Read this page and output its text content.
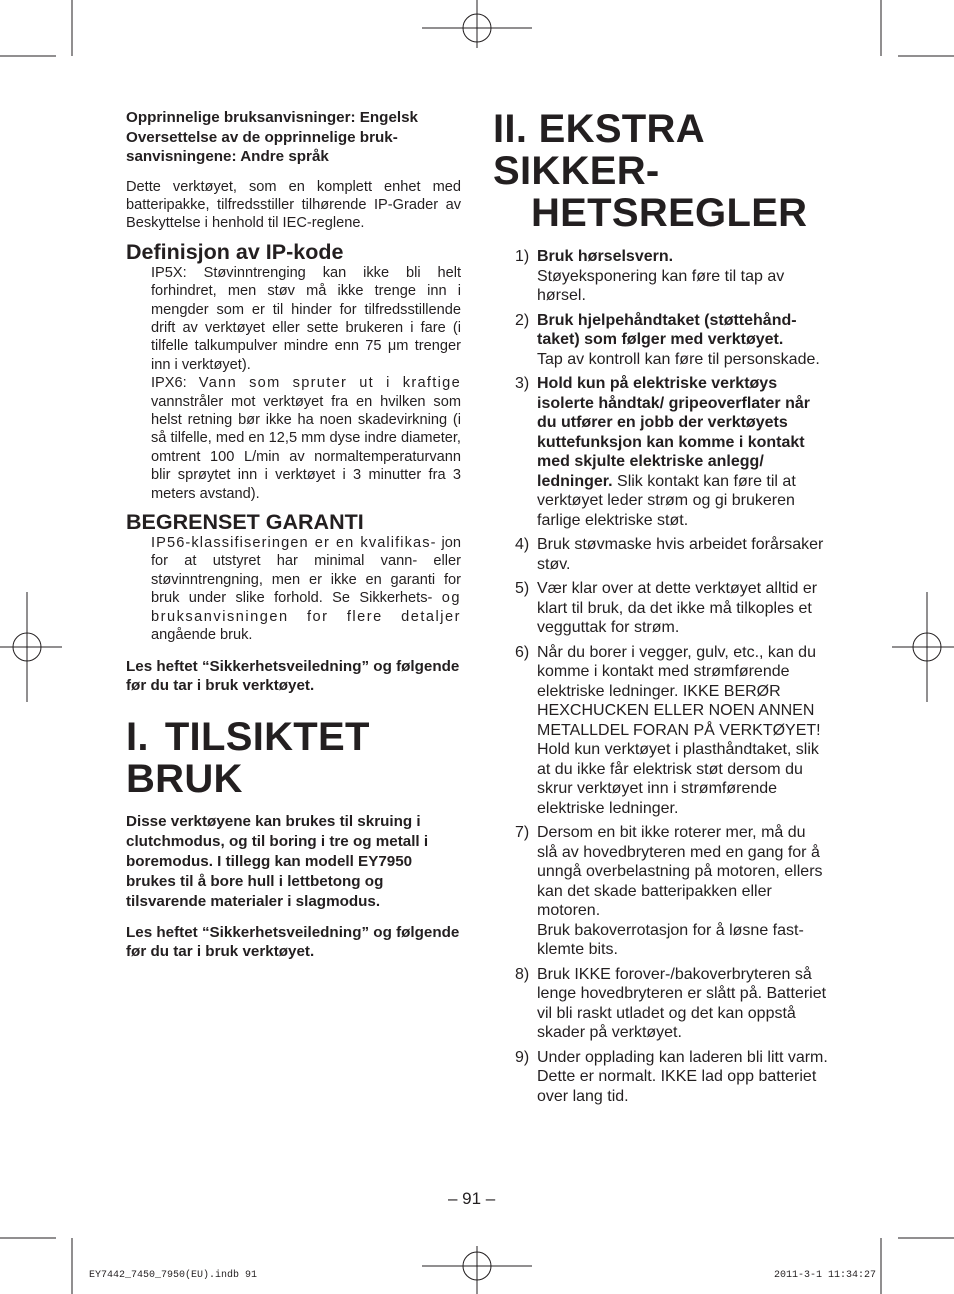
Opprinnelige bruksanvisninger: Engelsk Oversettelse av de opprinnelige bruksanvisningene: Andre språk

Dette verktøyet, som en komplett enhet med batteripakke, tilfredsstiller tilhørende IP-Grader av Beskyttelse i henhold til IEC-reglene.

Definisjon av IP-kode

IP5X: Støvinntrenging kan ikke bli helt forhindret, men støv må ikke trenge inn i mengder som er til hinder for tilfredsstillende drift av verktøyet eller sette brukeren i fare (i tilfelle talkumpulver mindre enn 75 μm trenger inn i verktøyet).

IPX6: Vann som spruter ut i kraftige vannstråler mot verktøyet fra en hvilken som helst retning bør ikke ha noen skadevirkning (i så tilfelle, med en 12,5 mm dyse indre diameter, omtrent 100 L/min av normaltemperaturvann blir sprøytet inn i verktøyet i 3 minutter fra 3 meters avstand).

BEGRENSET GARANTI

IP56-klassifiseringen er en kvalifikas- jon for at utstyret har minimal vann- eller støvinntrengning, men er ikke en garanti for bruk under slike forhold. Se Sikkerhets- og bruksanvisningen for flere detaljer angående bruk.

Les heftet “Sikkerhetsveiledning” og følgende før du tar i bruk verktøyet.
I. TILSIKTET BRUK
Disse verktøyene kan brukes til skruing i clutchmodus, og til boring i tre og metall i boremodus. I tillegg kan modell EY7950 brukes til å bore hull i lettbetong og tilsvarende materialer i slagmodus.
Les heftet “Sikkerhetsveiledning” og følgende før du tar i bruk verktøyet.
II. EKSTRA SIKKER-
HETSREGLER
1 ) Bruk hørselsvern.
Støyeksponering kan føre til tap av hørsel.
2 ) Bruk hjelpehåndtaket (støttehåndtaket) som følger med verktøyet.
Tap av kontroll kan føre til personskade.
3 ) Hold kun på elektriske verktøys isolerte håndtak/ gripeoverflater når du utfører en jobb der verktøyets kuttefunksjon kan komme i kontakt med skjulte elektriske anlegg/ ledninger. Slik kontakt kan føre til at verktøyet leder strøm og gi brukeren farlige elektriske støt.
4 ) Bruk støvmaske hvis arbeidet forårsaker støv.
5 ) Vær klar over at dette verktøyet alltid er klart til bruk, da det ikke må tilkoples et vegguttak for strøm.
6 ) Når du borer i vegger, gulv, etc., kan du komme i kontakt med strømførende elektriske ledninger. IKKE BERØR HEXCHUCKEN ELLER NOEN ANNEN METALLDEL FORAN PÅ VERKTØYET! Hold kun verktøyet i plasthåndtaket, slik at du ikke får elektrisk støt dersom du skrur verktøyet inn i strømførende elektriske ledninger.
7 ) Dersom en bit ikke roterer mer, må du slå av hovedbryteren med en gang for å unngå overbelastning på motoren, ellers kan det skade batteripakken eller motoren.
Bruk bakoverrotasjon for å løsne fastklemte bits.
8 ) Bruk IKKE forover-/bakoverbryteren så lenge hovedbryteren er slått på. Batteriet vil bli raskt utladet og det kan oppstå skader på verktøyet.
9 ) Under opplading kan laderen bli litt varm. Dette er normalt. IKKE lad opp batteriet over lang tid.
– 91 –
EY7442_7450_7950(EU).indb 91	2011-3-1 11:34:27
